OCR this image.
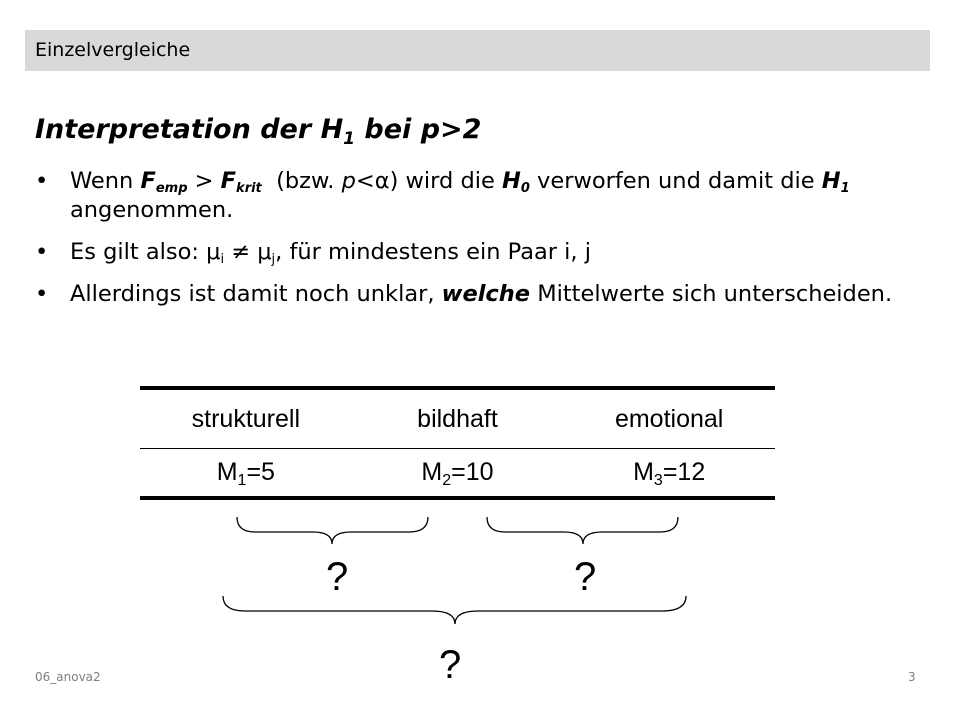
Einzelvergleiche
Interpretation der $H_1$ bei p>2
• Wenn $F_{emp} > F_{krit}$  (bzw. p<α) wird die $H_0$ verworfen und damit die $H_1$ angenommen.
• Es gilt also: $\mu_i \ne \mu_j$, für mindestens ein Paar i, j
• Allerdings ist damit noch unklar, welche Mittelwerte sich unterscheiden.
strukturell	bildhaft	emotional
$M_1=5$	$M_2=10$	$M_3=12$
?	?
?
06_anova2	3
